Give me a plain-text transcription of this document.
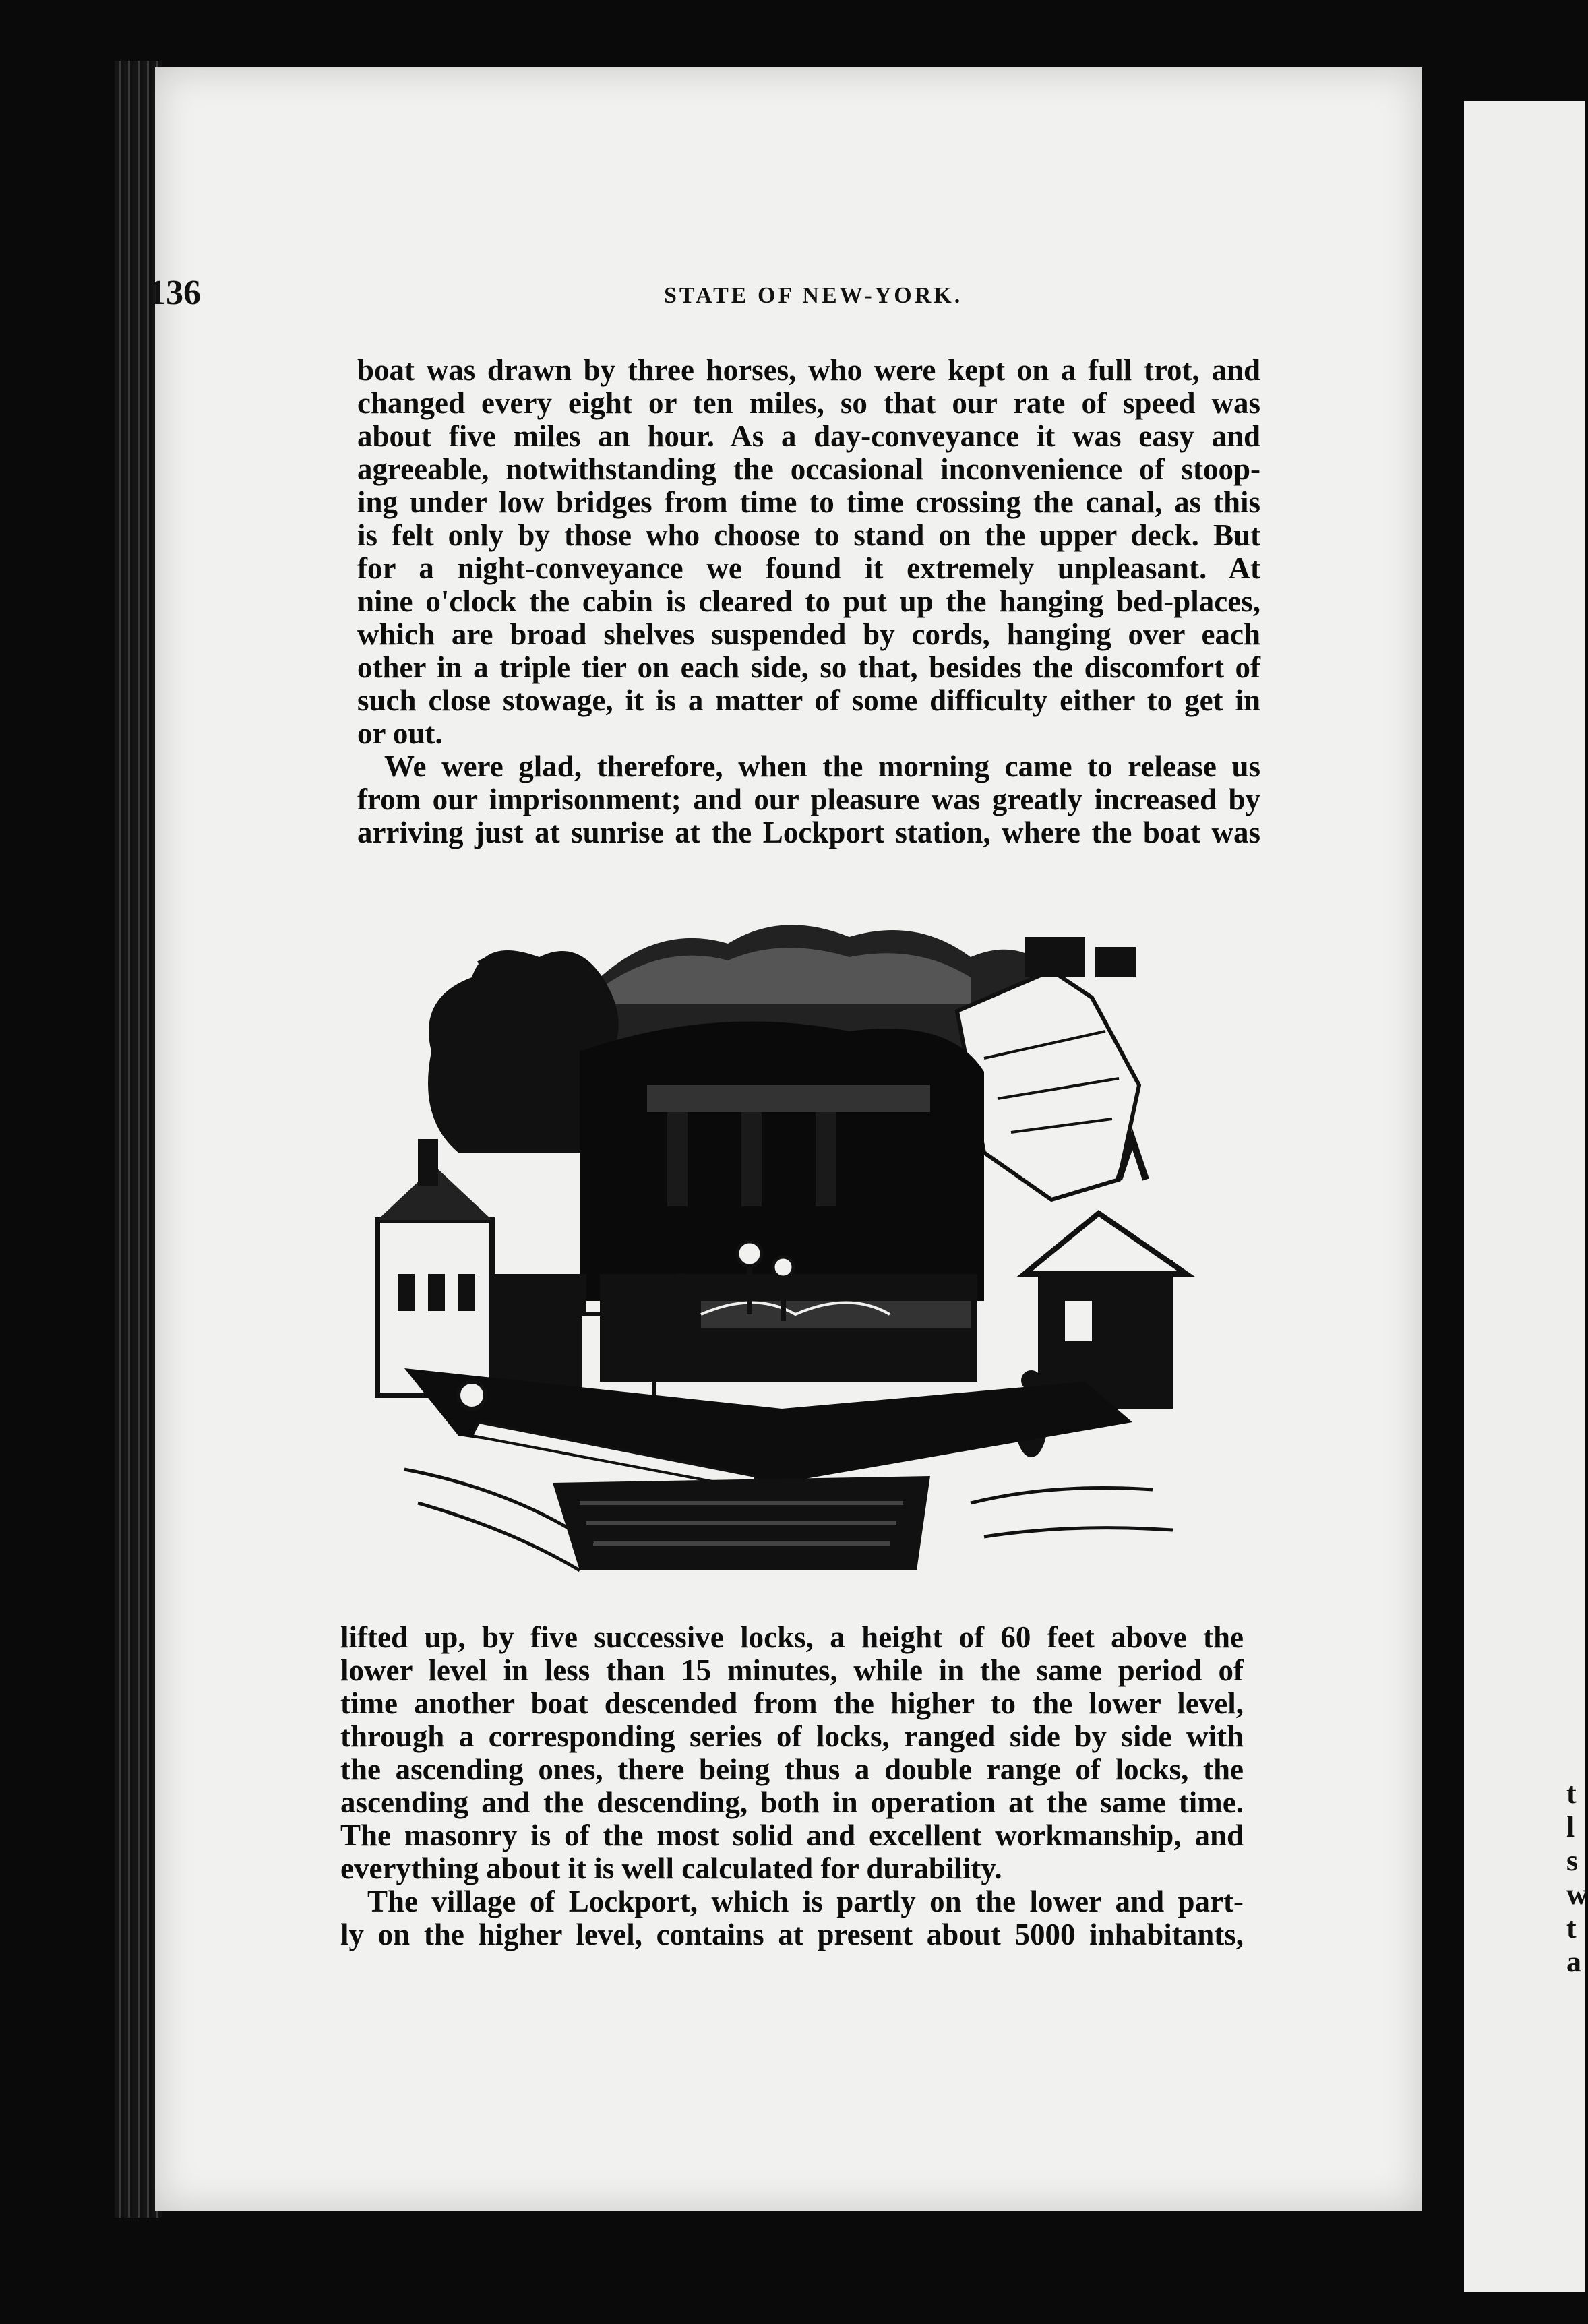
t
l
s
w
t
a
136	STATE OF NEW-YORK.
boat was drawn by three horses, who were kept on a full trot, and
changed every eight or ten miles, so that our rate of speed was
about five miles an hour. As a day-conveyance it was easy and
agreeable, notwithstanding the occasional inconvenience of stoop-
ing under low bridges from time to time crossing the canal, as this
is felt only by those who choose to stand on the upper deck. But
for a night-conveyance we found it extremely unpleasant. At
nine o'clock the cabin is cleared to put up the hanging bed-places,
which are broad shelves suspended by cords, hanging over each
other in a triple tier on each side, so that, besides the discomfort of
such close stowage, it is a matter of some difficulty either to get in
or out.
We were glad, therefore, when the morning came to release us
from our imprisonment; and our pleasure was greatly increased by
arriving just at sunrise at the Lockport station, where the boat was
lifted up, by five successive locks, a height of 60 feet above the
lower level in less than 15 minutes, while in the same period of
time another boat descended from the higher to the lower level,
through a corresponding series of locks, ranged side by side with
the ascending ones, there being thus a double range of locks, the
ascending and the descending, both in operation at the same time.
The masonry is of the most solid and excellent workmanship, and
everything about it is well calculated for durability.
The village of Lockport, which is partly on the lower and part-
ly on the higher level, contains at present about 5000 inhabitants,
